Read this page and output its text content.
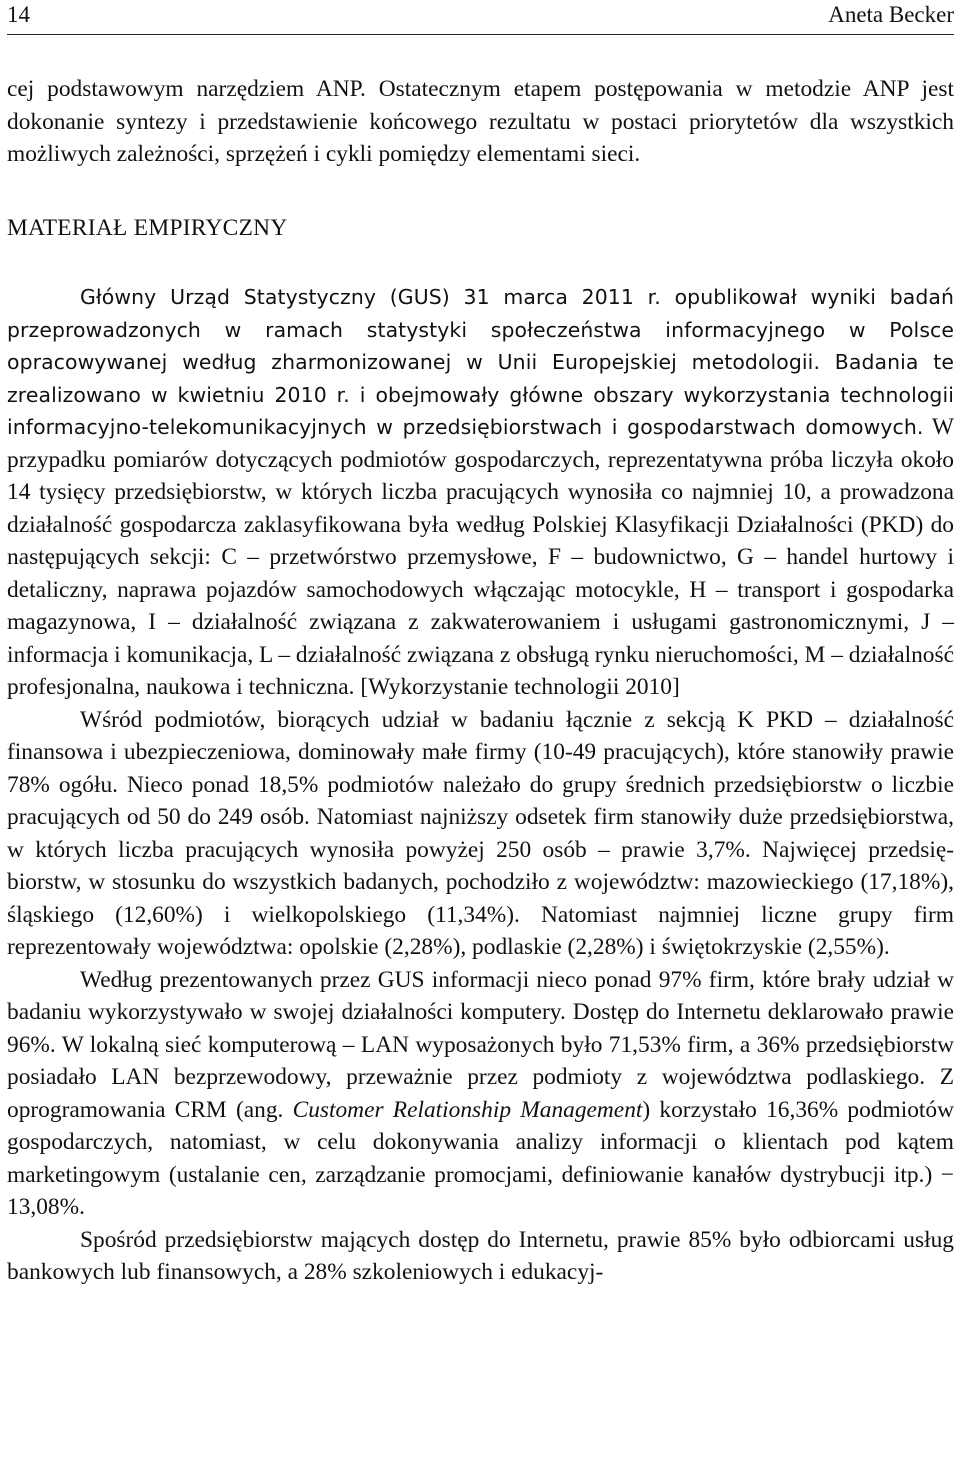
14	Aneta Becker

cej podstawowym narzędziem ANP. Ostatecznym etapem postępowania w metodzie ANP jest dokonanie syntezy i przedstawienie końcowego rezultatu w postaci priorytetów dla wszystkich możliwych zależności, sprzężeń i cykli pomiędzy elementami sieci.

MATERIAŁ EMPIRYCZNY

Główny Urząd Statystyczny (GUS) 31 marca 2011 r. opublikował wyniki badań przeprowadzonych w ramach statystyki społeczeństwa informacyjnego w Polsce opracowywanej według zharmonizowanej w Unii Europejskiej metodologii. Badania te zrealizowano w kwietniu 2010 r. i obejmowały główne obszary wykorzystania technologii informacyjno-telekomunikacyjnych w przedsiębiorstwach i gospodarstwach domowych. W przypadku pomiarów dotyczących podmiotów gospodarczych, reprezentatywna próba liczyła około 14 tysięcy przedsiębiorstw, w których liczba pracujących wynosiła co najmniej 10, a prowadzona działalność gospodarcza zaklasyfikowana była według Polskiej Klasyfikacji Działalności (PKD) do następujących sekcji: C – przetwórstwo przemysłowe, F – budownictwo, G – handel hurtowy i detaliczny, naprawa pojazdów samochodowych włączając motocykle, H – transport i gospodarka magazynowa, I – działalność związana z zakwaterowaniem i usługami gastronomicznymi, J – informacja i komunikacja, L – działalność związana z obsługą rynku nieruchomości, M – działalność profesjonalna, naukowa i techniczna. [Wykorzystanie technologii 2010]

Wśród podmiotów, biorących udział w badaniu łącznie z sekcją K PKD – działalność finansowa i ubezpieczeniowa, dominowały małe firmy (10-49 pracujących), które stanowiły prawie 78% ogółu. Nieco ponad 18,5% podmiotów należało do grupy średnich przedsiębiorstw o liczbie pracujących od 50 do 249 osób. Natomiast najniższy odsetek firm stanowiły duże przedsiębiorstwa, w których liczba pracujących wynosiła powyżej 250 osób – prawie 3,7%. Najwięcej przedsiębiorstw, w stosunku do wszystkich badanych, pochodziło z województw: mazowieckiego (17,18%), śląskiego (12,60%) i wielkopolskiego (11,34%). Natomiast najmniej liczne grupy firm reprezentowały województwa: opolskie (2,28%), podlaskie (2,28%) i świętokrzyskie (2,55%).

Według prezentowanych przez GUS informacji nieco ponad 97% firm, które brały udział w badaniu wykorzystywało w swojej działalności komputery. Dostęp do Internetu deklarowało prawie 96%. W lokalną sieć komputerową – LAN wyposażonych było 71,53% firm, a 36% przedsiębiorstw posiadało LAN bezprzewodowy, przeważnie przez podmioty z województwa podlaskiego. Z oprogramowania CRM (ang. Customer Relationship Management) korzystało 16,36% podmiotów gospodarczych, natomiast, w celu dokonywania analizy informacji o klientach pod kątem marketingowym (ustalanie cen, zarządzanie promocjami, definiowanie kanałów dystrybucji itp.) − 13,08%.

Spośród przedsiębiorstw mających dostęp do Internetu, prawie 85% było odbiorcami usług bankowych lub finansowych, a 28% szkoleniowych i edukacyj-
